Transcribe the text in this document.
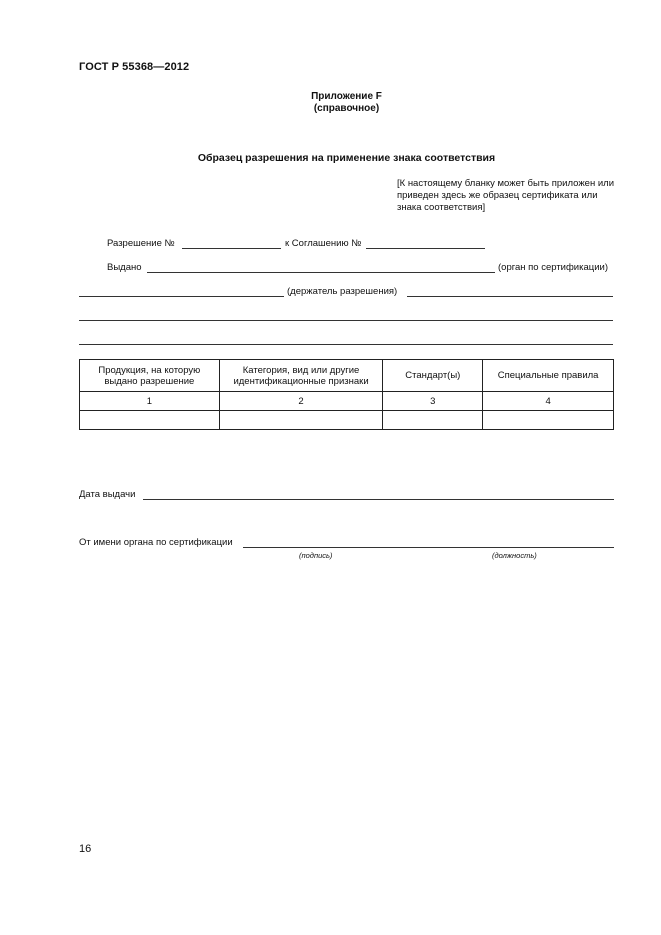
ГОСТ Р 55368—2012
Приложение F
(справочное)
Образец разрешения на применение знака соответствия
[К настоящему бланку может быть приложен или приведен здесь же образец сертификата или знака соответствия]
Разрешение №	к Соглашению №
Выдано	(орган по сертификации)
(держатель разрешения)
Продукция, на которую выдано разрешение	Категория, вид или другие идентификационные признаки	Стандарт(ы)	Специальные правила
1	2	3	4

Дата выдачи
От имени органа по сертификации
(подпись)	(должность)
16
